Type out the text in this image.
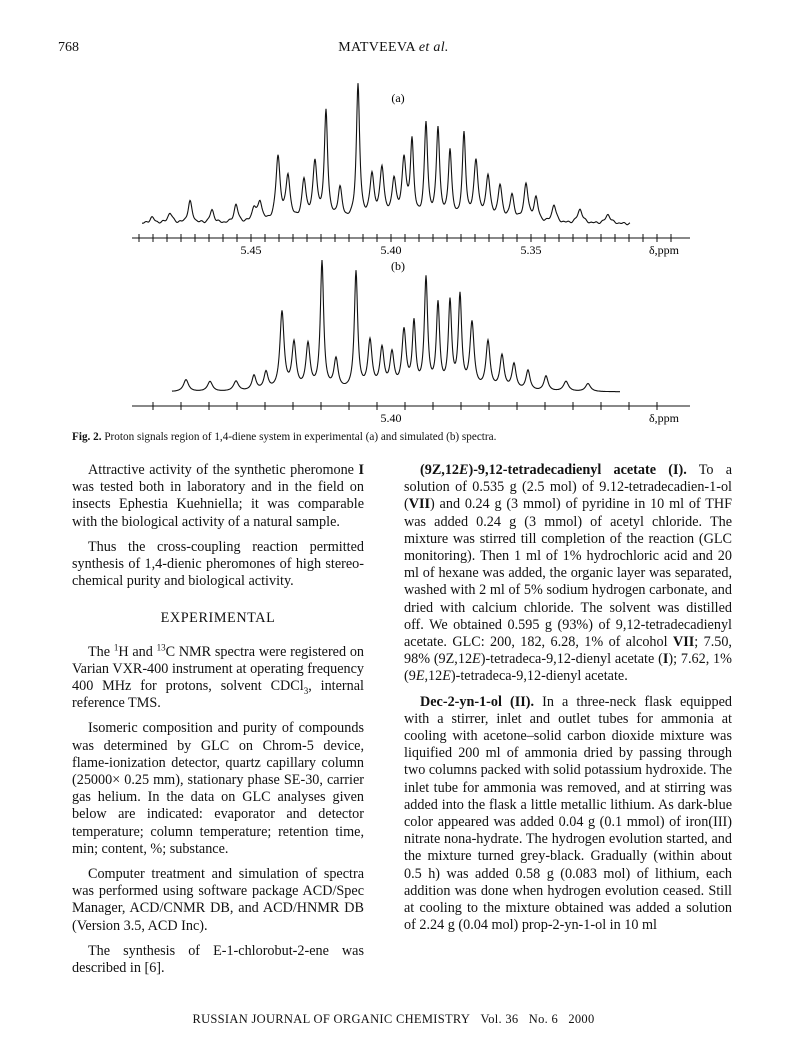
768	MATVEEVA et al.
(a)
5.45	5.40	5.35	δ,ppm
(b)
5.40	δ,ppm
Fig. 2. Proton signals region of 1,4-diene system in experimental (a) and simulated (b) spectra.

Attractive activity of the synthetic pheromone I was tested both in laboratory and in the field on insects Ephestia Kuehniella; it was comparable with the biological activity of a natural sample.

Thus the cross-coupling reaction permitted synthesis of 1,4-dienic pheromones of high stereo-chemical purity and biological activity.

EXPERIMENTAL

The $^1$H and $^{13}$C NMR spectra were registered on Varian VXR-400 instrument at operating frequency 400 MHz for protons, solvent CDCl$_3$, internal reference TMS.

Isomeric composition and purity of compounds was determined by GLC on Chrom-5 device, flame-ionization detector, quartz capillary column (25000× 0.25 mm), stationary phase SE-30, carrier gas helium. In the data on GLC analyses given below are indicated: evaporator and detector temperature; column temperature; retention time, min; content, %; substance.

Computer treatment and simulation of spectra was performed using software package ACD/Spec Manager, ACD/CNMR DB, and ACD/HNMR DB (Version 3.5, ACD Inc).

The synthesis of E-1-chlorobut-2-ene was described in [6].

(9Z,12E)-9,12-tetradecadienyl acetate (I). To a solution of 0.535 g (2.5 mol) of 9.12-tetradecadien-1-ol (VII) and 0.24 g (3 mmol) of pyridine in 10 ml of THF was added 0.24 g (3 mmol) of acetyl chloride. The mixture was stirred till completion of the reaction (GLC monitoring). Then 1 ml of 1% hydrochloric acid and 20 ml of hexane was added, the organic layer was separated, washed with 2 ml of 5% sodium hydrogen carbonate, and dried with calcium chloride. The solvent was distilled off. We obtained 0.595 g (93%) of 9,12-tetradecadienyl acetate. GLC: 200, 182, 6.28, 1% of alcohol VII; 7.50, 98% (9Z,12E)-tetradeca-9,12-dienyl acetate (I); 7.62, 1% (9E,12E)-tetradeca-9,12-dienyl acetate.

Dec-2-yn-1-ol (II). In a three-neck flask equipped with a stirrer, inlet and outlet tubes for ammonia at cooling with acetone–solid carbon dioxide mixture was liquified 200 ml of ammonia dried by passing through two columns packed with solid potassium hydroxide. The inlet tube for ammonia was removed, and at stirring was added into the flask a little metallic lithium. As dark-blue color appeared was added 0.04 g (0.1 mmol) of iron(III) nitrate nona-hydrate. The hydrogen evolution started, and the mixture turned grey-black. Gradually (within about 0.5 h) was added 0.58 g (0.083 mol) of lithium, each addition was done when hydrogen evolution ceased. Still at cooling to the mixture obtained was added a solution of 2.24 g (0.04 mol) prop-2-yn-1-ol in 10 ml

RUSSIAN JOURNAL OF ORGANIC CHEMISTRY Vol. 36 No. 6 2000
